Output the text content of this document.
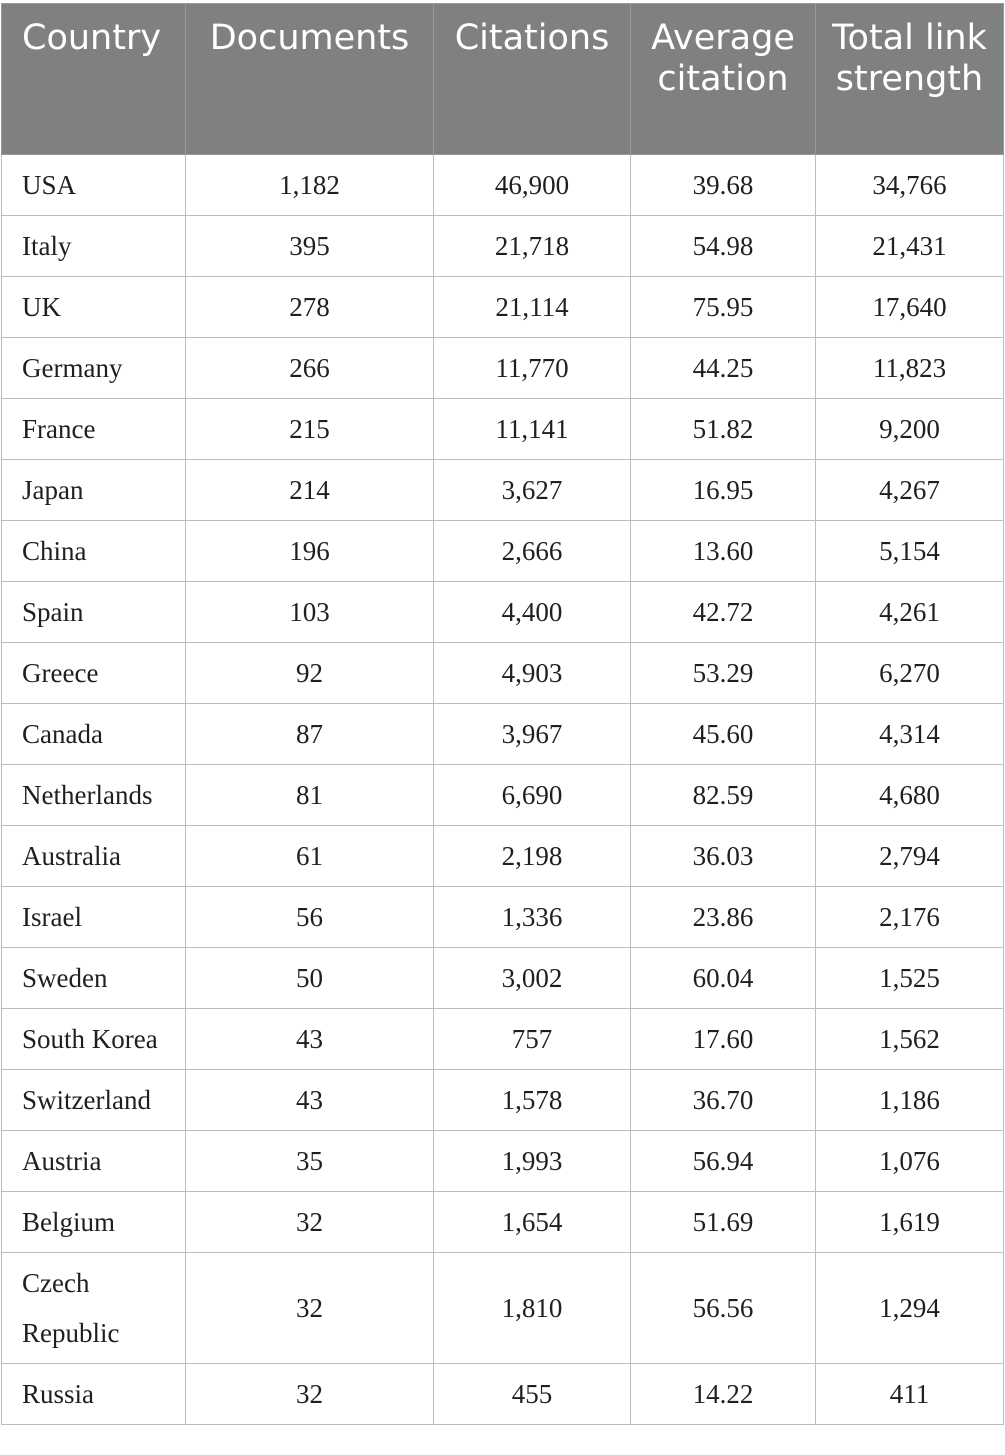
Country	Documents	Citations	Average citation	Total link strength
USA	1,182	46,900	39.68	34,766
Italy	395	21,718	54.98	21,431
UK	278	21,114	75.95	17,640
Germany	266	11,770	44.25	11,823
France	215	11,141	51.82	9,200
Japan	214	3,627	16.95	4,267
China	196	2,666	13.60	5,154
Spain	103	4,400	42.72	4,261
Greece	92	4,903	53.29	6,270
Canada	87	3,967	45.60	4,314
Netherlands	81	6,690	82.59	4,680
Australia	61	2,198	36.03	2,794
Israel	56	1,336	23.86	2,176
Sweden	50	3,002	60.04	1,525
South Korea	43	757	17.60	1,562
Switzerland	43	1,578	36.70	1,186
Austria	35	1,993	56.94	1,076
Belgium	32	1,654	51.69	1,619
Czech Republic	32	1,810	56.56	1,294
Russia	32	455	14.22	411
